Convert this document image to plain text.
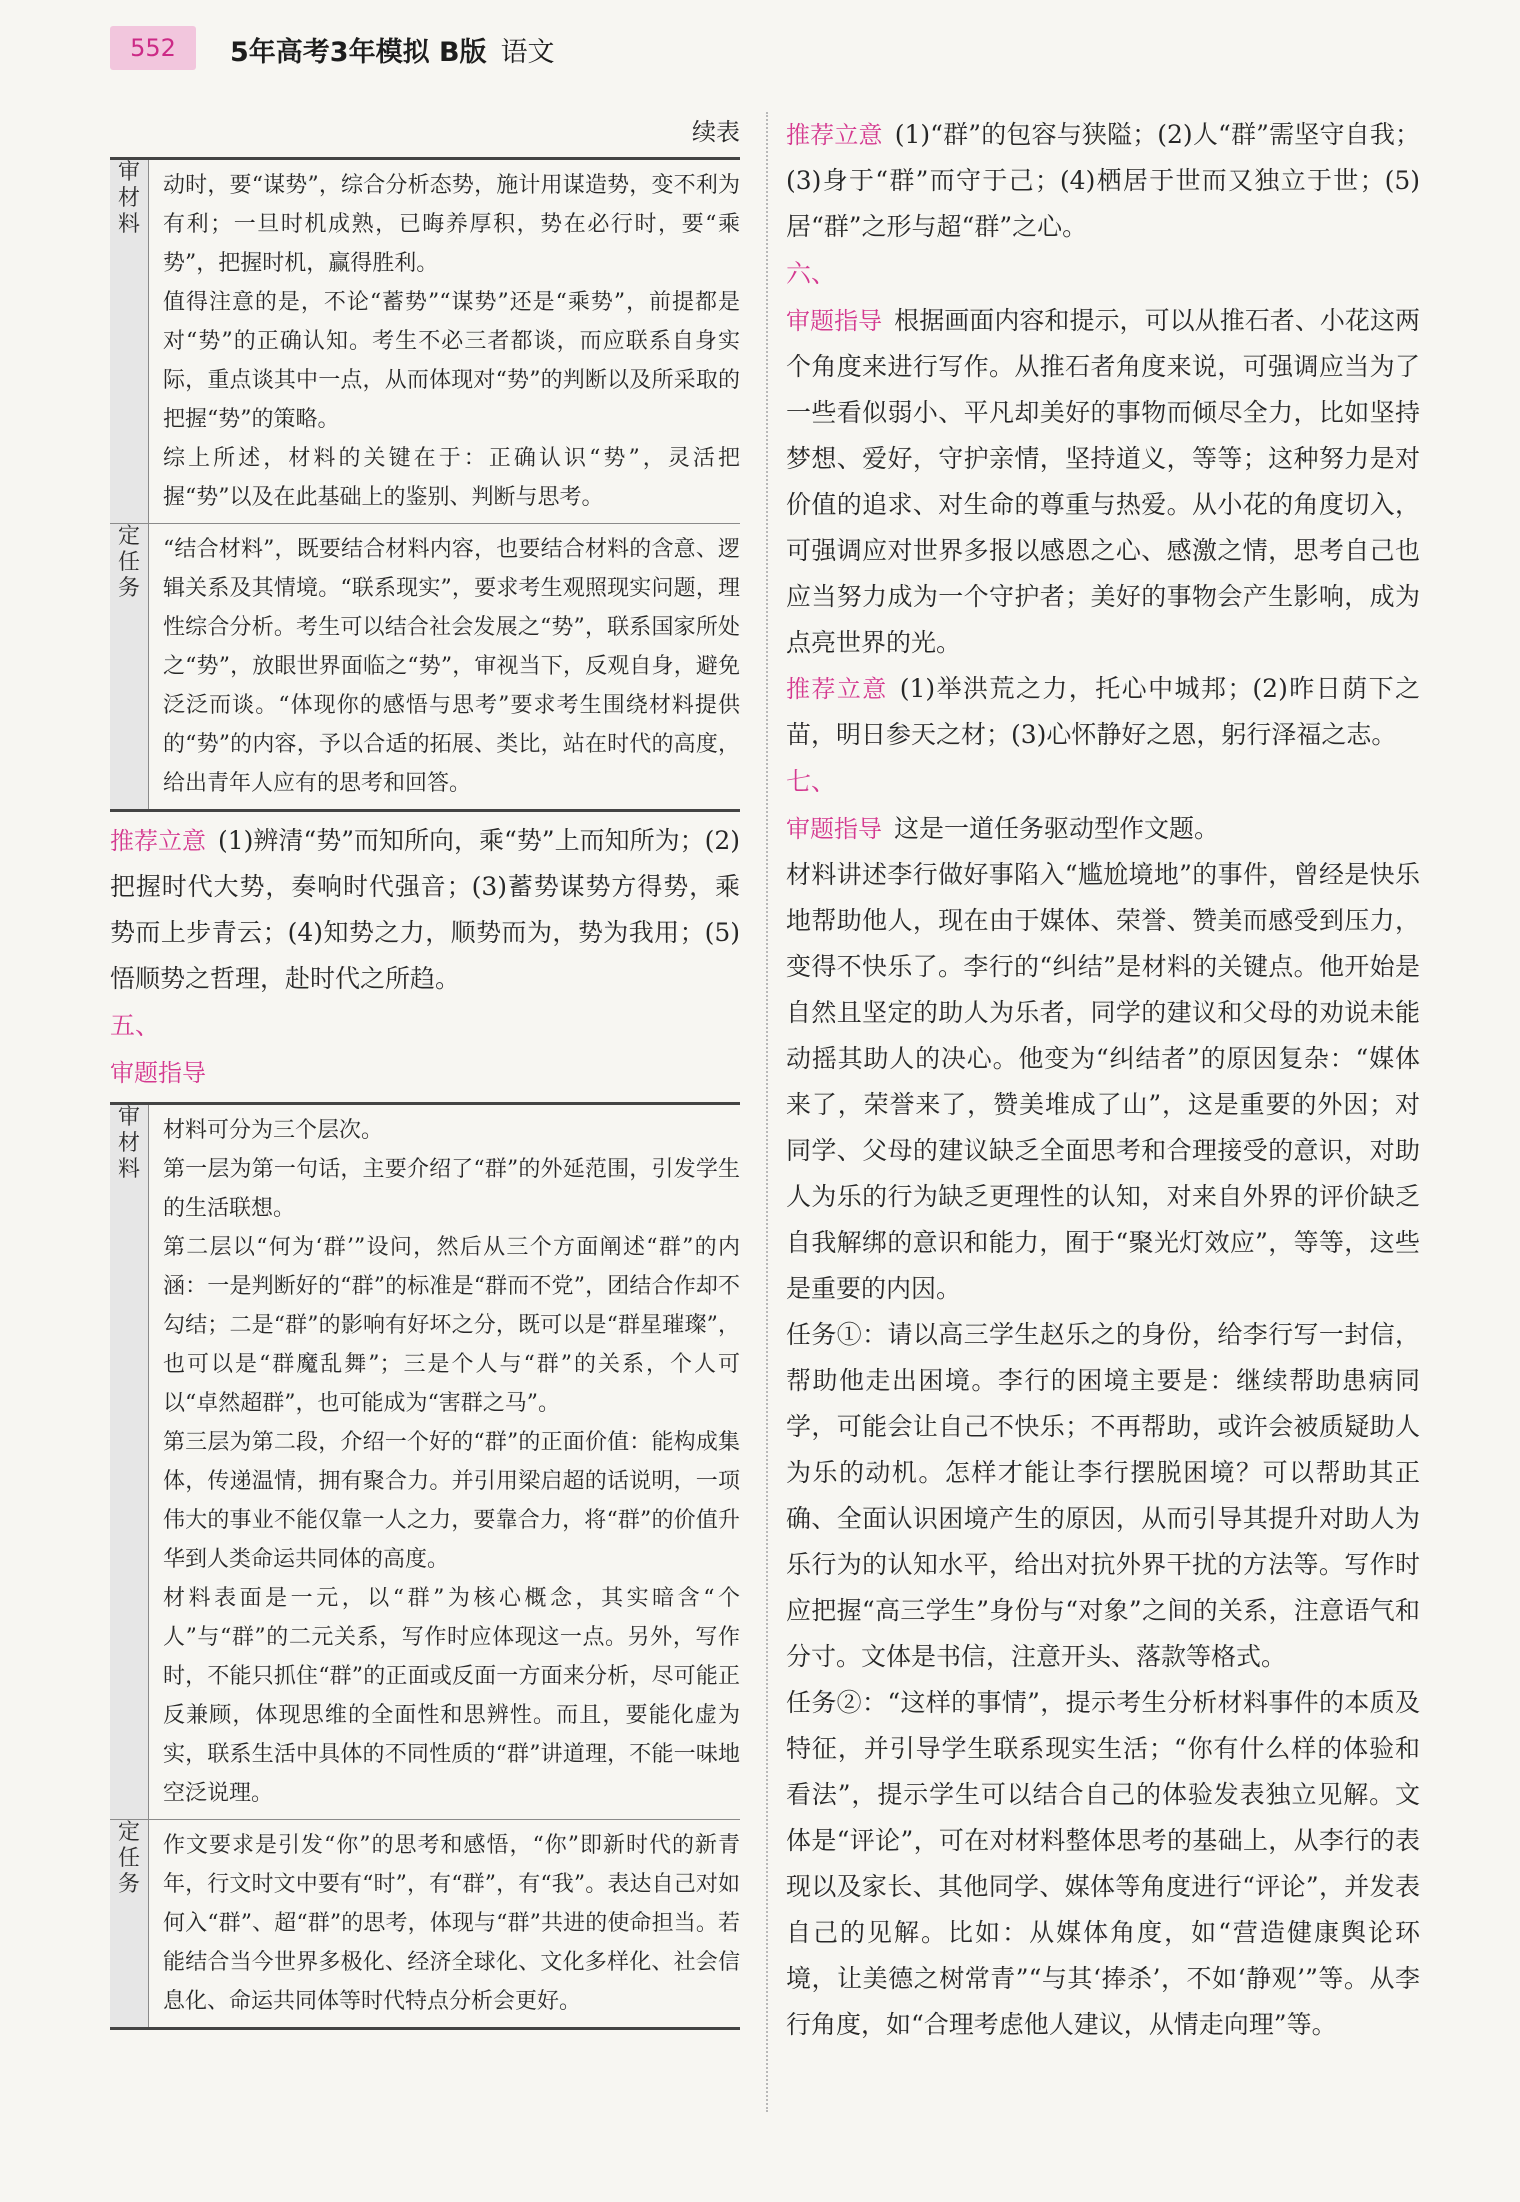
552	5年高考3年模拟 B版 语文
续表
审材料	动时，要“谋势”，综合分析态势，施计用谋造势，变不利为有利；一旦时机成熟，已晦养厚积，势在必行时，要“乘势”，把握时机，赢得胜利。

值得注意的是，不论“蓄势”“谋势”还是“乘势”，前提都是对“势”的正确认知。考生不必三者都谈，而应联系自身实际，重点谈其中一点，从而体现对“势”的判断以及所采取的把握“势”的策略。

综上所述，材料的关键在于：正确认识“势”，灵活把握“势”以及在此基础上的鉴别、判断与思考。

定任务	“结合材料”，既要结合材料内容，也要结合材料的含意、逻辑关系及其情境。“联系现实”，要求考生观照现实问题，理性综合分析。考生可以结合社会发展之“势”，联系国家所处之“势”，放眼世界面临之“势”，审视当下，反观自身，避免泛泛而谈。“体现你的感悟与思考”要求考生围绕材料提供的“势”的内容，予以合适的拓展、类比，站在时代的高度，给出青年人应有的思考和回答。

推荐立意 (1)辨清“势”而知所向，乘“势”上而知所为；(2)把握时代大势，奏响时代强音；(3)蓄势谋势方得势，乘势而上步青云；(4)知势之力，顺势而为，势为我用；(5)悟顺势之哲理，赴时代之所趋。

五、

审题指导

审材料	材料可分为三个层次。

第一层为第一句话，主要介绍了“群”的外延范围，引发学生的生活联想。

第二层以“何为‘群’”设问，然后从三个方面阐述“群”的内涵：一是判断好的“群”的标准是“群而不党”，团结合作却不勾结；二是“群”的影响有好坏之分，既可以是“群星璀璨”，也可以是“群魔乱舞”；三是个人与“群”的关系，个人可以“卓然超群”，也可能成为“害群之马”。

第三层为第二段，介绍一个好的“群”的正面价值：能构成集体，传递温情，拥有聚合力。并引用梁启超的话说明，一项伟大的事业不能仅靠一人之力，要靠合力，将“群”的价值升华到人类命运共同体的高度。

材料表面是一元，以“群”为核心概念，其实暗含“个人”与“群”的二元关系，写作时应体现这一点。另外，写作时，不能只抓住“群”的正面或反面一方面来分析，尽可能正反兼顾，体现思维的全面性和思辨性。而且，要能化虚为实，联系生活中具体的不同性质的“群”讲道理，不能一味地空泛说理。

定任务	作文要求是引发“你”的思考和感悟，“你”即新时代的新青年，行文时文中要有“时”，有“群”，有“我”。表达自己对如何入“群”、超“群”的思考，体现与“群”共进的使命担当。若能结合当今世界多极化、经济全球化、文化多样化、社会信息化、命运共同体等时代特点分析会更好。

推荐立意 (1)“群”的包容与狭隘；(2)人“群”需坚守自我；(3)身于“群”而守于己；(4)栖居于世而又独立于世；(5)居“群”之形与超“群”之心。

六、

审题指导 根据画面内容和提示，可以从推石者、小花这两个角度来进行写作。从推石者角度来说，可强调应当为了一些看似弱小、平凡却美好的事物而倾尽全力，比如坚持梦想、爱好，守护亲情，坚持道义，等等；这种努力是对价值的追求、对生命的尊重与热爱。从小花的角度切入，可强调应对世界多报以感恩之心、感激之情，思考自己也应当努力成为一个守护者；美好的事物会产生影响，成为点亮世界的光。

推荐立意 (1)举洪荒之力，托心中城邦；(2)昨日荫下之苗，明日参天之材；(3)心怀静好之恩，躬行泽福之志。

七、

审题指导 这是一道任务驱动型作文题。

材料讲述李行做好事陷入“尴尬境地”的事件，曾经是快乐地帮助他人，现在由于媒体、荣誉、赞美而感受到压力，变得不快乐了。李行的“纠结”是材料的关键点。他开始是自然且坚定的助人为乐者，同学的建议和父母的劝说未能动摇其助人的决心。他变为“纠结者”的原因复杂：“媒体来了，荣誉来了，赞美堆成了山”，这是重要的外因；对同学、父母的建议缺乏全面思考和合理接受的意识，对助人为乐的行为缺乏更理性的认知，对来自外界的评价缺乏自我解绑的意识和能力，囿于“聚光灯效应”，等等，这些是重要的内因。

任务①：请以高三学生赵乐之的身份，给李行写一封信，帮助他走出困境。李行的困境主要是：继续帮助患病同学，可能会让自己不快乐；不再帮助，或许会被质疑助人为乐的动机。怎样才能让李行摆脱困境？可以帮助其正确、全面认识困境产生的原因，从而引导其提升对助人为乐行为的认知水平，给出对抗外界干扰的方法等。写作时应把握“高三学生”身份与“对象”之间的关系，注意语气和分寸。文体是书信，注意开头、落款等格式。

任务②：“这样的事情”，提示考生分析材料事件的本质及特征，并引导学生联系现实生活；“你有什么样的体验和看法”，提示学生可以结合自己的体验发表独立见解。文体是“评论”，可在对材料整体思考的基础上，从李行的表现以及家长、其他同学、媒体等角度进行“评论”，并发表自己的见解。比如：从媒体角度，如“营造健康舆论环境，让美德之树常青”“与其‘捧杀’，不如‘静观’”等。从李行角度，如“合理考虑他人建议，从情走向理”等。
